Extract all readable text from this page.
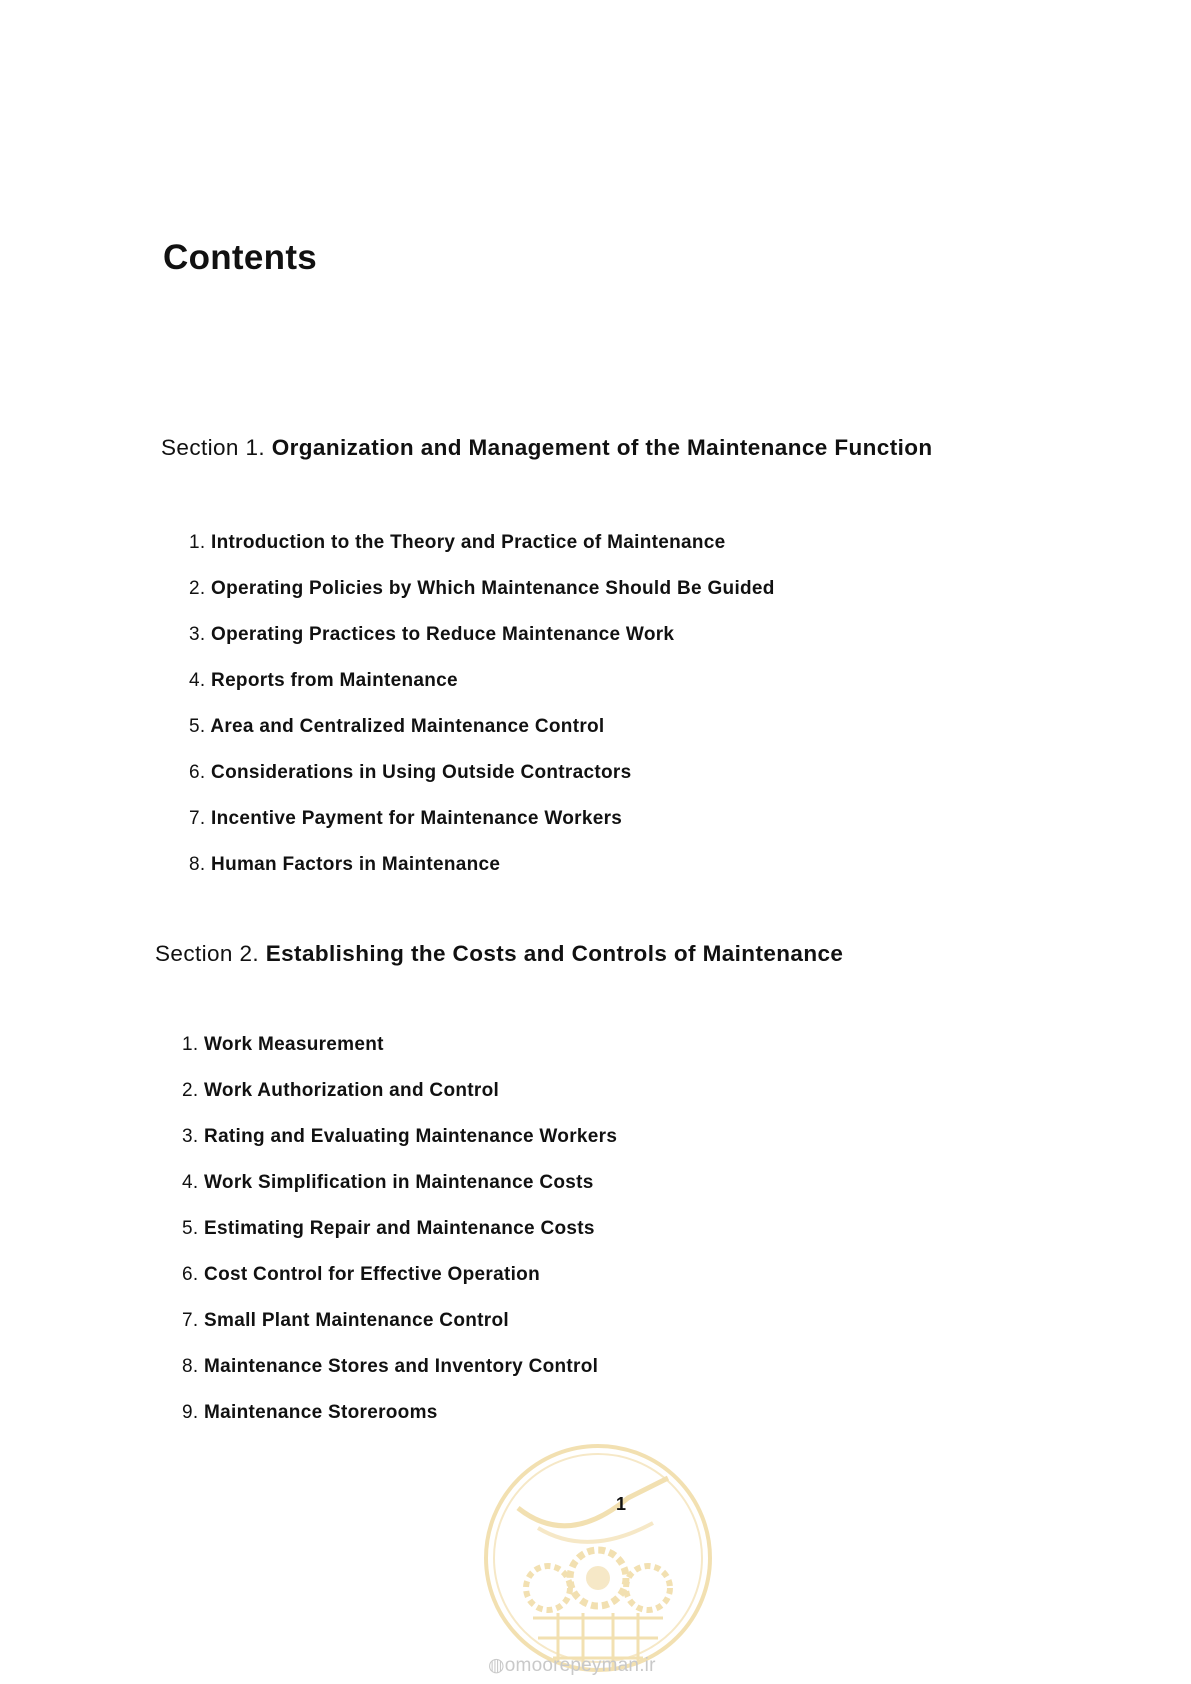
Contents
Section 1. Organization and Management of the Maintenance Function
1. Introduction to the Theory and Practice of Maintenance
2. Operating Policies by Which Maintenance Should Be Guided
3. Operating Practices to Reduce Maintenance Work
4. Reports from Maintenance
5. Area and Centralized Maintenance Control
6. Considerations in Using Outside Contractors
7. Incentive Payment for Maintenance Workers
8. Human Factors in Maintenance
Section 2. Establishing the Costs and Controls of Maintenance
1. Work Measurement
2. Work Authorization and Control
3. Rating and Evaluating Maintenance Workers
4. Work Simplification in Maintenance Costs
5. Estimating Repair and Maintenance Costs
6. Cost Control for Effective Operation
7. Small Plant Maintenance Control
8. Maintenance Stores and Inventory Control
9. Maintenance Storerooms
1
◍omoorepeyman.ir
